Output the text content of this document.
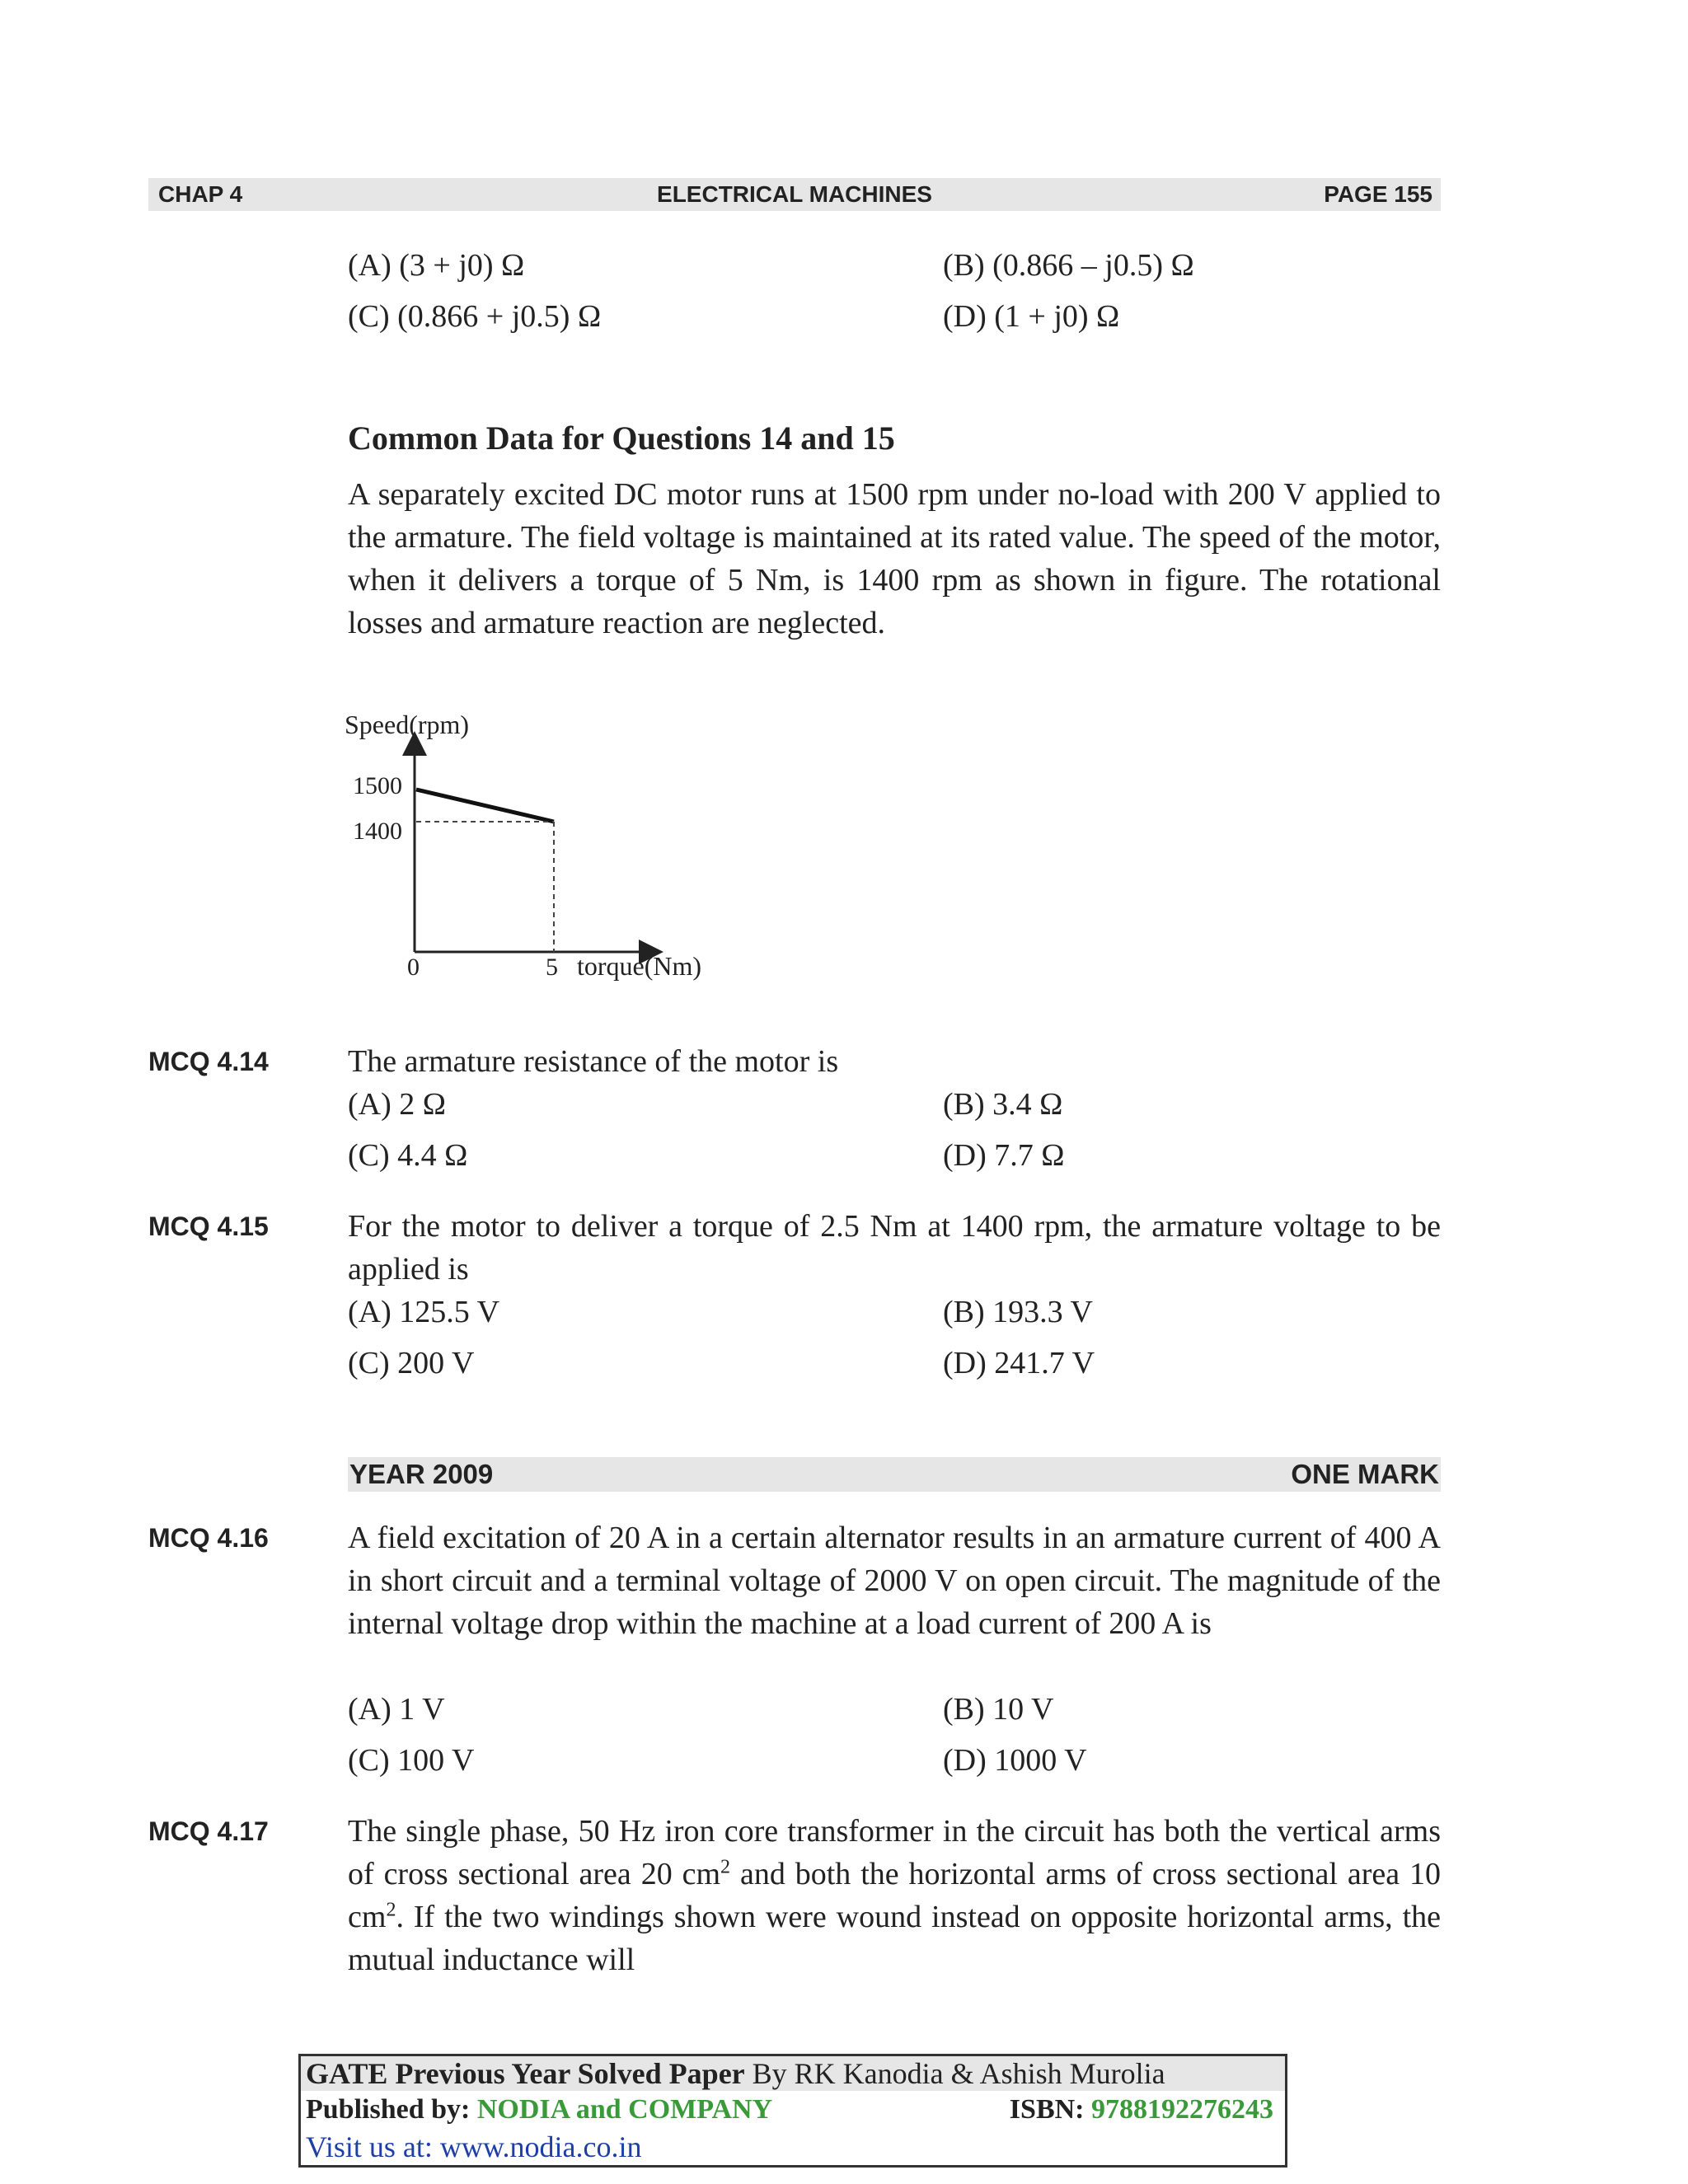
CHAP 4	ELECTRICAL MACHINES	PAGE 155
(A) (3 + j0) Ω	(B) (0.866 – j0.5) Ω
(C) (0.866 + j0.5) Ω	(D) (1 + j0) Ω
Common Data for Questions 14 and 15
A separately excited DC motor runs at 1500 rpm under no-load with 200 V applied to the armature. The field voltage is maintained at its rated value. The speed of the motor, when it delivers a torque of 5 Nm, is 1400 rpm as shown in figure. The rotational losses and armature reaction are neglected.
Speed(rpm)
1500
1400
0	5 torque(Nm)
MCQ 4.14	The armature resistance of the motor is
(A) 2 Ω	(B) 3.4 Ω
(C) 4.4 Ω	(D) 7.7 Ω
MCQ 4.15	For the motor to deliver a torque of 2.5 Nm at 1400 rpm, the armature voltage to be applied is
(A) 125.5 V	(B) 193.3 V
(C) 200 V	(D) 241.7 V
YEAR 2009	ONE MARK
MCQ 4.16	A field excitation of 20 A in a certain alternator results in an armature current of 400 A in short circuit and a terminal voltage of 2000 V on open circuit. The magnitude of the internal voltage drop within the machine at a load current of 200 A is
(A) 1 V	(B) 10 V
(C) 100 V	(D) 1000 V
MCQ 4.17	The single phase, 50 Hz iron core transformer in the circuit has both the vertical arms of cross sectional area 20 $cm^2$ and both the horizontal arms of cross sectional area 10 $cm^2$. If the two windings shown were wound instead on opposite horizontal arms, the mutual inductance will
GATE Previous Year Solved Paper By RK Kanodia & Ashish Murolia
Published by: NODIA and COMPANY	ISBN: 9788192276243
Visit us at: www.nodia.co.in
